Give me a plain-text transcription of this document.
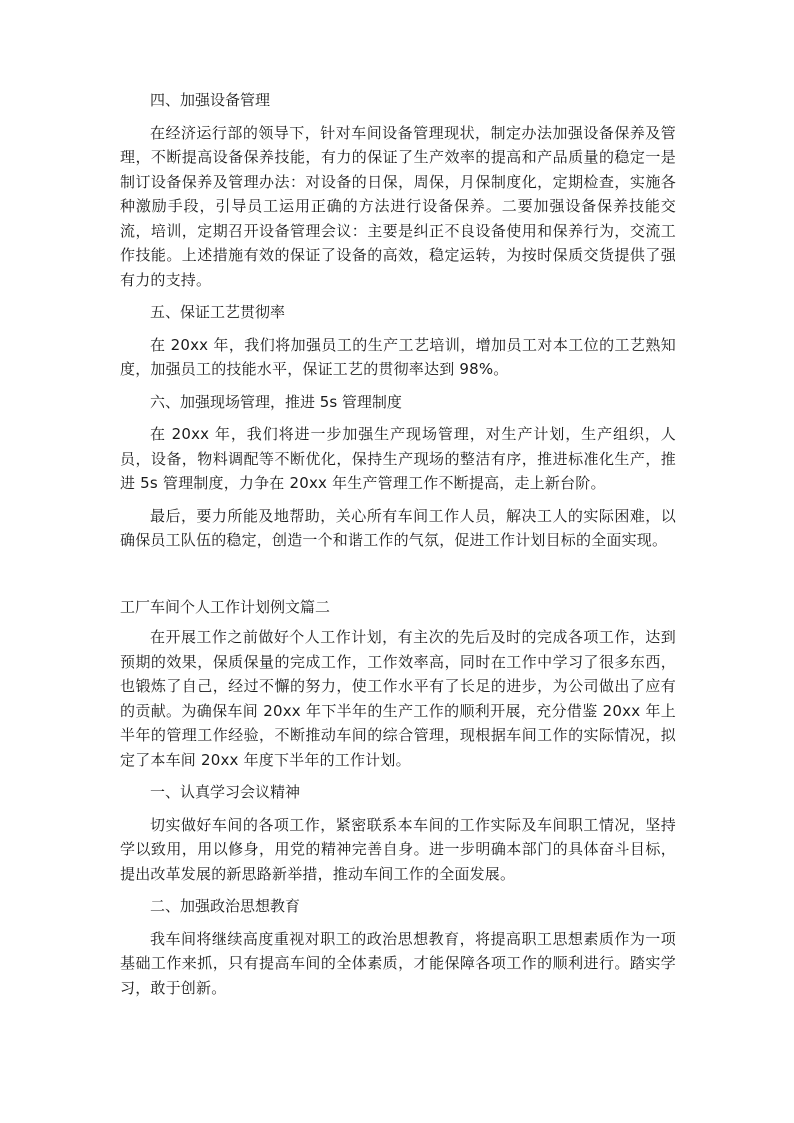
四、加强设备管理

在经济运行部的领导下，针对车间设备管理现状，制定办法加强设备保养及管理，不断提高设备保养技能，有力的保证了生产效率的提高和产品质量的稳定一是制订设备保养及管理办法：对设备的日保，周保，月保制度化，定期检查，实施各种激励手段，引导员工运用正确的方法进行设备保养。二要加强设备保养技能交流，培训，定期召开设备管理会议：主要是纠正不良设备使用和保养行为，交流工作技能。上述措施有效的保证了设备的高效，稳定运转，为按时保质交货提供了强有力的支持。

五、保证工艺贯彻率

在 20xx 年，我们将加强员工的生产工艺培训，增加员工对本工位的工艺熟知度，加强员工的技能水平，保证工艺的贯彻率达到 98%。

六、加强现场管理，推进 5s 管理制度

在 20xx 年，我们将进一步加强生产现场管理，对生产计划，生产组织，人员，设备，物料调配等不断优化，保持生产现场的整洁有序，推进标准化生产，推进 5s 管理制度，力争在 20xx 年生产管理工作不断提高，走上新台阶。

最后，要力所能及地帮助，关心所有车间工作人员，解决工人的实际困难，以确保员工队伍的稳定，创造一个和谐工作的气氛，促进工作计划目标的全面实现。

工厂车间个人工作计划例文篇二

在开展工作之前做好个人工作计划，有主次的先后及时的完成各项工作，达到预期的效果，保质保量的完成工作，工作效率高，同时在工作中学习了很多东西，也锻炼了自己，经过不懈的努力，使工作水平有了长足的进步，为公司做出了应有的贡献。为确保车间 20xx 年下半年的生产工作的顺利开展，充分借鉴 20xx 年上半年的管理工作经验，不断推动车间的综合管理，现根据车间工作的实际情况，拟定了本车间 20xx 年度下半年的工作计划。

一、认真学习会议精神

切实做好车间的各项工作，紧密联系本车间的工作实际及车间职工情况，坚持学以致用，用以修身，用党的精神完善自身。进一步明确本部门的具体奋斗目标，提出改革发展的新思路新举措，推动车间工作的全面发展。

二、加强政治思想教育

我车间将继续高度重视对职工的政治思想教育，将提高职工思想素质作为一项基础工作来抓，只有提高车间的全体素质，才能保障各项工作的顺利进行。踏实学习，敢于创新。
